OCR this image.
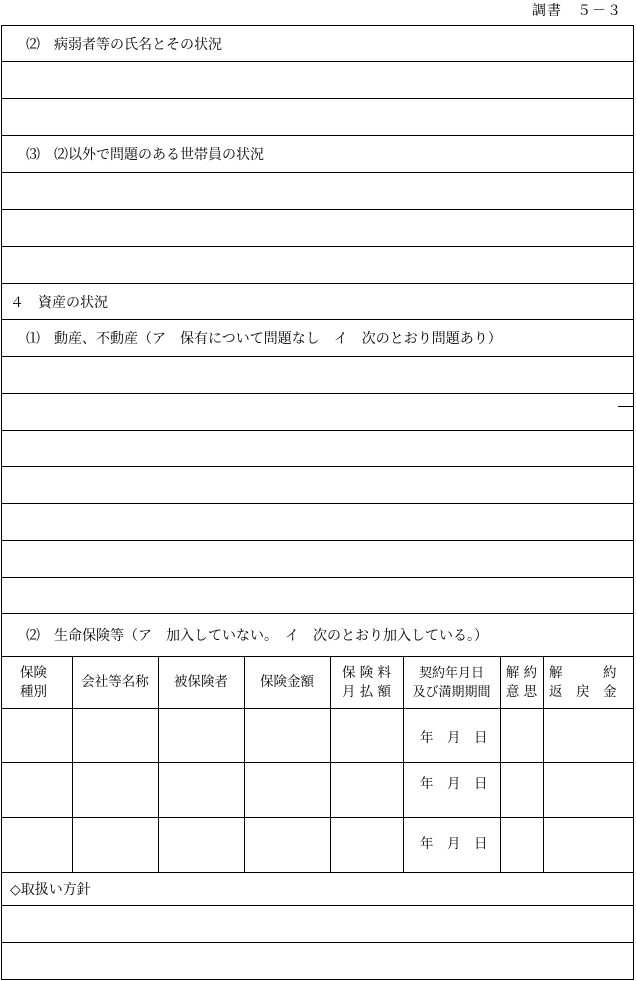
調書　５－３
⑵　病弱者等の氏名とその状況
⑶　⑵以外で問題のある世帯員の状況
４　資産の状況
⑴　動産、不動産（ア　保有について問題なし　イ　次のとおり問題あり）
⑵　生命保険等（ア　加入していない。　イ　次のとおり加入している。）
保険
種別
会社等名称	被保険者	保険金額
保 険 料
月 払 額
契約年月日
及び満期期間
解 約
意 思
解　　　約
返　戻　金
年　月　日
年　月　日
年　月　日
◇取扱い方針
